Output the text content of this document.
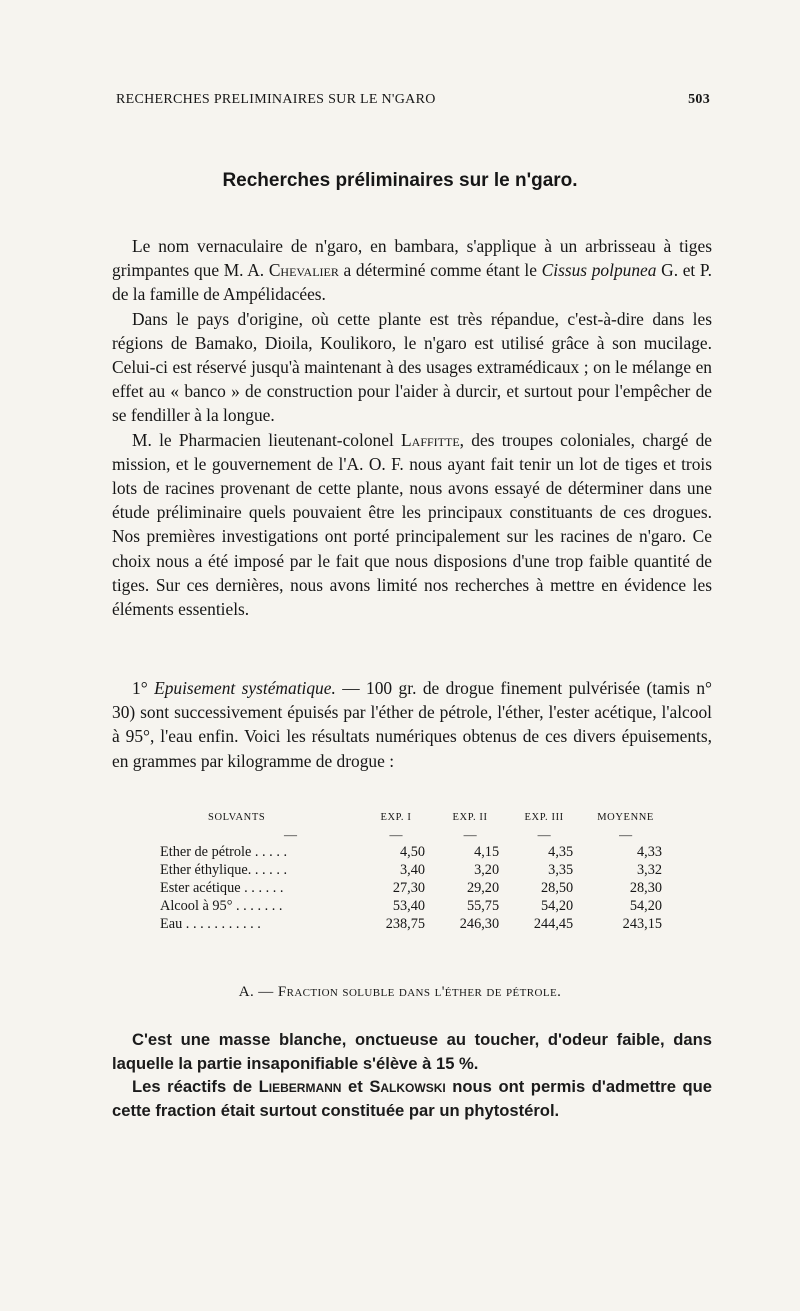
RECHERCHES PRELIMINAIRES SUR LE N'GARO	503
Recherches préliminaires sur le n'garo.

Le nom vernaculaire de n'garo, en bambara, s'applique à un arbrisseau à tiges grimpantes que M. A. Chevalier a déterminé comme étant le Cissus polpunea G. et P. de la famille de Ampélidacées.

Dans le pays d'origine, où cette plante est très répandue, c'est-à-dire dans les régions de Bamako, Dioila, Koulikoro, le n'garo est utilisé grâce à son mucilage. Celui-ci est réservé jusqu'à maintenant à des usages extramédicaux ; on le mélange en effet au « banco » de construction pour l'aider à durcir, et surtout pour l'empêcher de se fendiller à la longue.

M. le Pharmacien lieutenant-colonel Laffitte, des troupes coloniales, chargé de mission, et le gouvernement de l'A. O. F. nous ayant fait tenir un lot de tiges et trois lots de racines provenant de cette plante, nous avons essayé de déterminer dans une étude préliminaire quels pouvaient être les principaux constituants de ces drogues. Nos premières investigations ont porté principalement sur les racines de n'garo. Ce choix nous a été imposé par le fait que nous disposions d'une trop faible quantité de tiges. Sur ces dernières, nous avons limité nos recherches à mettre en évidence les éléments essentiels.

1° Epuisement systématique. — 100 gr. de drogue finement pulvérisée (tamis n° 30) sont successivement épuisés par l'éther de pétrole, l'éther, l'ester acétique, l'alcool à 95°, l'eau enfin. Voici les résultats numériques obtenus de ces divers épuisements, en grammes par kilogramme de drogue :

SOLVANTS	EXP. I	EXP. II	EXP. III	MOYENNE
—	—	—	—	—
Ether de pétrole . . . . .	4,50	4,15	4,35	4,33
Ether éthylique. . . . . .	3,40	3,20	3,35	3,32
Ester acétique . . . . . .	27,30	29,20	28,50	28,30
Alcool à 95° . . . . . . .	53,40	55,75	54,20	54,20
Eau . . . . . . . . . . .	238,75	246,30	244,45	243,15
A. — Fraction soluble dans l'éther de pétrole.

C'est une masse blanche, onctueuse au toucher, d'odeur faible, dans laquelle la partie insaponifiable s'élève à 15 %.

Les réactifs de Liebermann et Salkowski nous ont permis d'admettre que cette fraction était surtout constituée par un phytostérol.
